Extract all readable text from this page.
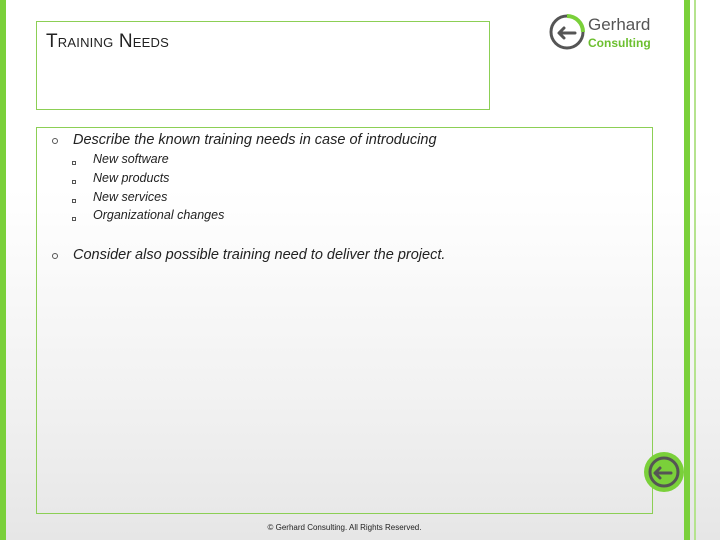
Training Needs
Gerhard
Consulting
Describe the known training needs in case of introducing
New software
New products
New services
Organizational changes
Consider also possible training need to deliver the project.
© Gerhard Consulting. All Rights Reserved.
